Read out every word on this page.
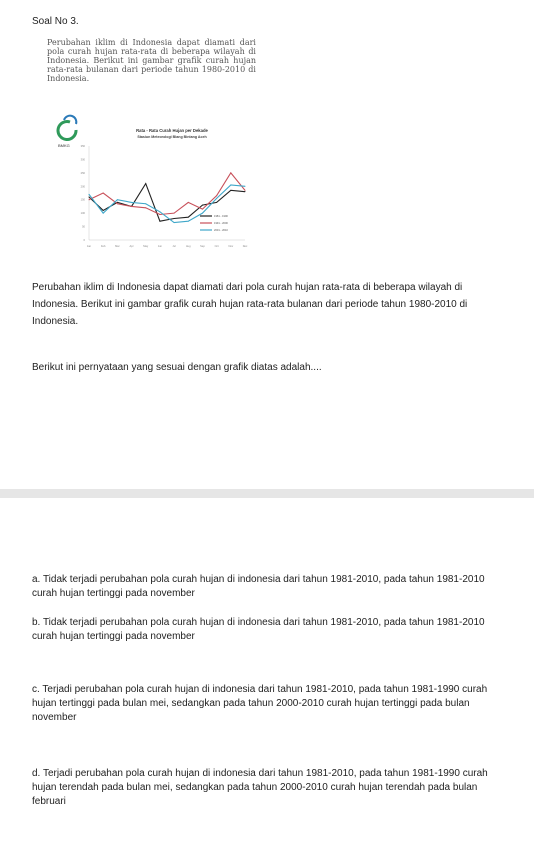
Soal No 3.
Perubahan iklim di Indonesia dapat diamati dari pola curah hujan rata-rata di beberapa wilayah di Indonesia. Berikut ini gambar grafik curah hujan rata-rata bulanan dari periode tahun 1980-2010 di Indonesia.
BMKG
Rata - Rata Curah Hujan per Dekade
Stasiun Meteorologi Blang Bintang Aceh
0
50
100
150
200
250
300
350
Jan	Feb	Mar	Apr	May	Jun	Jul	Aug	Sep	Oct	Nov	Dec
1981 - 1990
1991 - 2000
2001 - 2010
Perubahan iklim di Indonesia dapat diamati dari pola curah hujan rata-rata di beberapa wilayah di Indonesia. Berikut ini gambar grafik curah hujan rata-rata bulanan dari periode tahun 1980-2010 di Indonesia.
Berikut ini pernyataan yang sesuai dengan grafik diatas adalah....
a. Tidak terjadi perubahan pola curah hujan di indonesia dari tahun 1981-2010, pada tahun 1981-2010 curah hujan tertinggi pada november
b. Tidak terjadi perubahan pola curah hujan di indonesia dari tahun 1981-2010, pada tahun 1981-2010 curah hujan tertinggi pada november
c. Terjadi perubahan pola curah hujan di indonesia dari tahun 1981-2010, pada tahun 1981-1990 curah hujan tertinggi pada bulan mei, sedangkan pada tahun 2000-2010 curah hujan tertinggi pada bulan november
d. Terjadi perubahan pola curah hujan di indonesia dari tahun 1981-2010, pada tahun 1981-1990 curah hujan terendah pada bulan mei, sedangkan pada tahun 2000-2010 curah hujan terendah pada bulan februari
